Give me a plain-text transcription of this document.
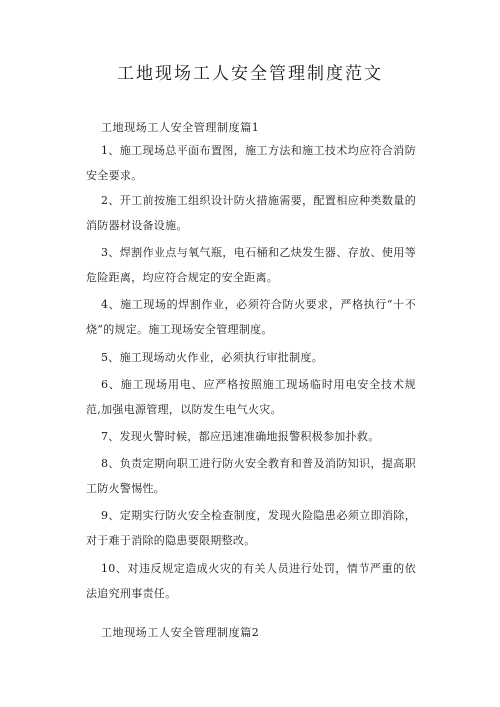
工地现场工人安全管理制度范文
工地现场工人安全管理制度篇1

1、施工现场总平面布置图，施工方法和施工技术均应符合消防安全要求。

2、开工前按施工组织设计防火措施需要，配置相应种类数量的消防器材设备设施。

3、焊割作业点与氧气瓶，电石桶和乙炔发生器、存放、使用等危险距离，均应符合规定的安全距离。

4、施工现场的焊割作业，必须符合防火要求，严格执行“十不烧”的规定。施工现场安全管理制度。

5、施工现场动火作业，必须执行审批制度。

6、施工现场用电、应严格按照施工现场临时用电安全技术规范,加强电源管理，以防发生电气火灾。

7、发现火警时候，都应迅速准确地报警积极参加扑救。

8、负责定期向职工进行防火安全教育和普及消防知识，提高职工防火警惕性。

9、定期实行防火安全检查制度，发现火险隐患必须立即消除，对于难于消除的隐患要限期整改。

10、对违反规定造成火灾的有关人员进行处罚，情节严重的依法追究刑事责任。

工地现场工人安全管理制度篇2
